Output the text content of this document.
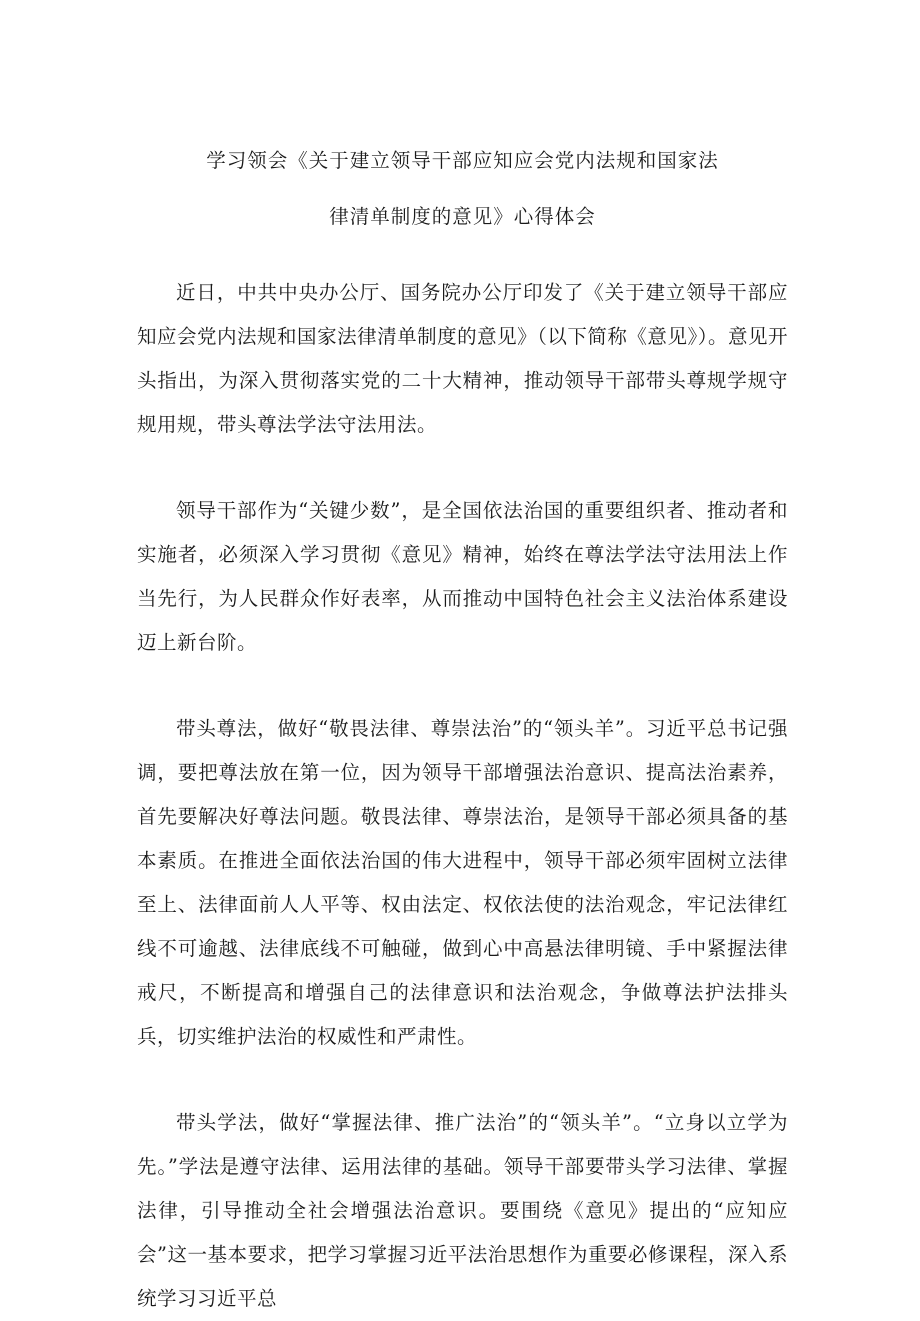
学习领会《关于建立领导干部应知应会党内法规和国家法

律清单制度的意见》心得体会

近日，中共中央办公厅、国务院办公厅印发了《关于建立领导干部应知应会党内法规和国家法律清单制度的意见》（以下简称《意见》）。意见开头指出，为深入贯彻落实党的二十大精神，推动领导干部带头尊规学规守规用规，带头尊法学法守法用法。

领导干部作为“关键少数”，是全国依法治国的重要组织者、推动者和实施者，必须深入学习贯彻《意见》精神，始终在尊法学法守法用法上作当先行，为人民群众作好表率，从而推动中国特色社会主义法治体系建设迈上新台阶。

带头尊法，做好“敬畏法律、尊崇法治”的“领头羊”。习近平总书记强调，要把尊法放在第一位，因为领导干部增强法治意识、提高法治素养，首先要解决好尊法问题。敬畏法律、尊崇法治，是领导干部必须具备的基本素质。在推进全面依法治国的伟大进程中，领导干部必须牢固树立法律至上、法律面前人人平等、权由法定、权依法使的法治观念，牢记法律红线不可逾越、法律底线不可触碰，做到心中高悬法律明镜、手中紧握法律戒尺，不断提高和增强自己的法律意识和法治观念，争做尊法护法排头兵，切实维护法治的权威性和严肃性。

带头学法，做好“掌握法律、推广法治”的“领头羊”。“立身以立学为先。”学法是遵守法律、运用法律的基础。领导干部要带头学习法律、掌握法律，引导推动全社会增强法治意识。要围绕《意见》提出的“应知应会”这一基本要求，把学习掌握习近平法治思想作为重要必修课程，深入系统学习习近平总
